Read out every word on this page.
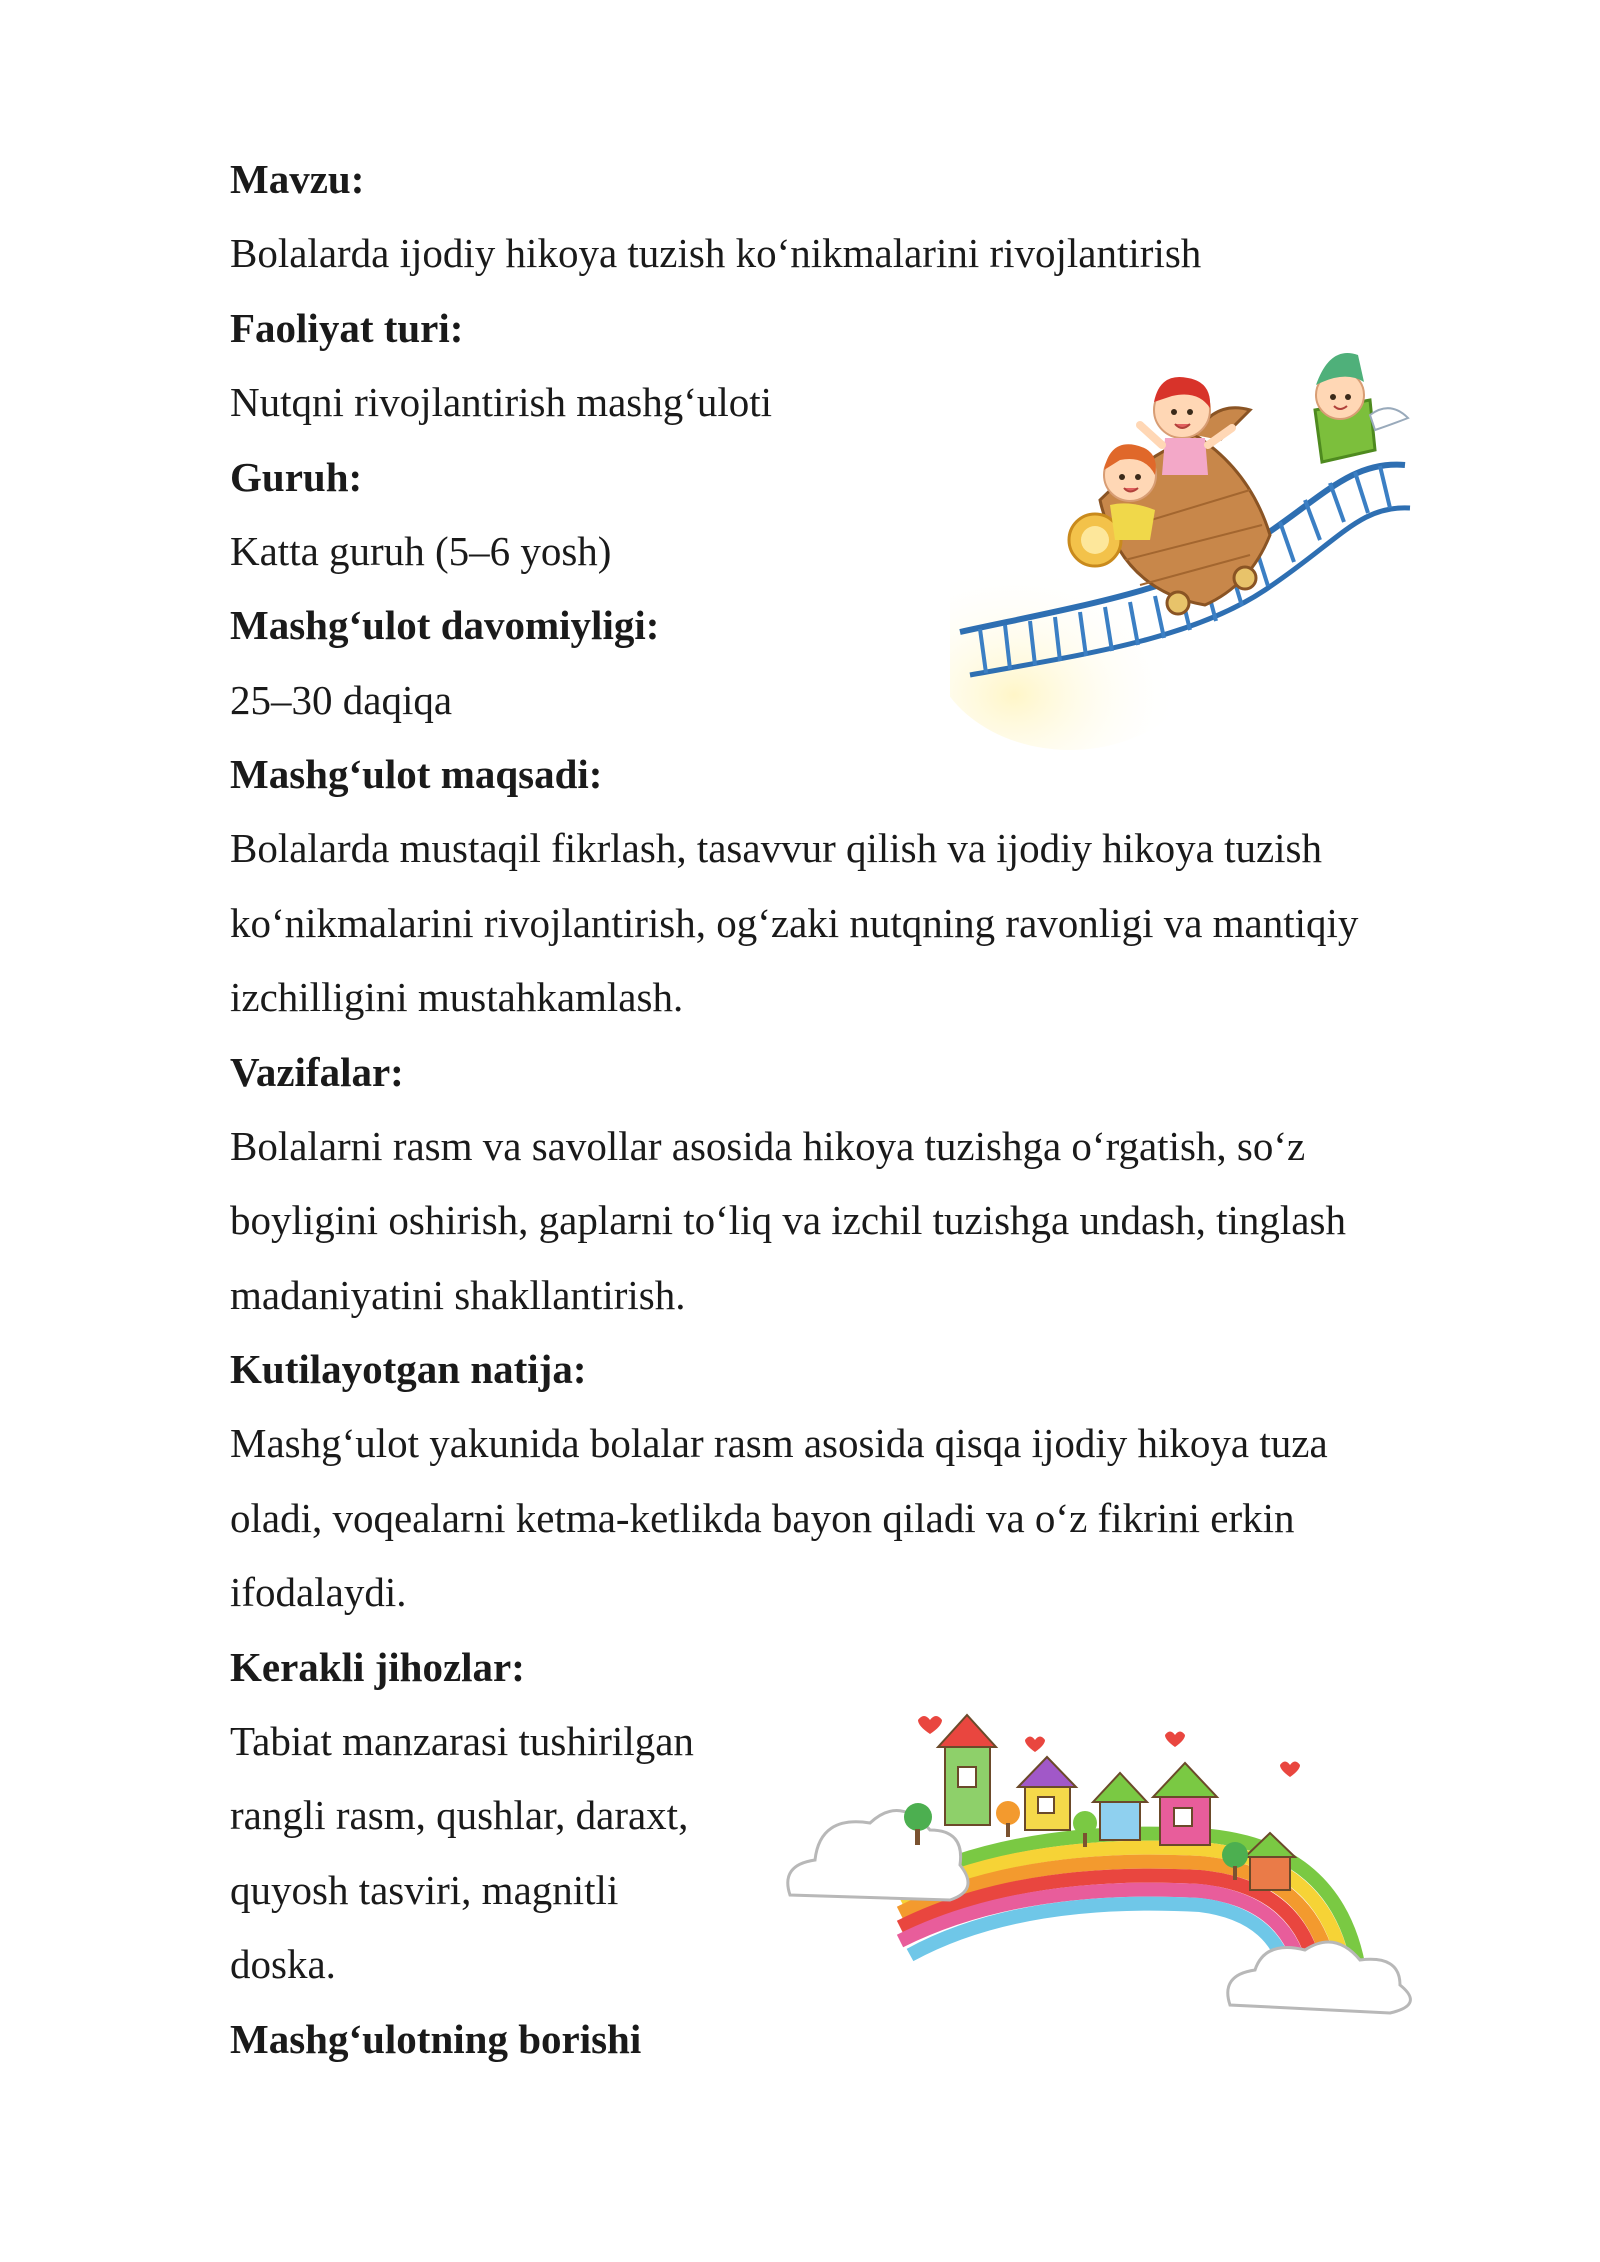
Mavzu:
Bolalarda ijodiy hikoya tuzish ko‘nikmalarini rivojlantirish
Faoliyat turi:
Nutqni rivojlantirish mashg‘uloti
Guruh:
Katta guruh (5–6 yosh)
Mashg‘ulot davomiyligi:
25–30 daqiqa
Mashg‘ulot maqsadi:
Bolalarda mustaqil fikrlash, tasavvur qilish va ijodiy hikoya tuzish
ko‘nikmalarini rivojlantirish, og‘zaki nutqning ravonligi va mantiqiy
izchilligini mustahkamlash.
Vazifalar:
Bolalarni rasm va savollar asosida hikoya tuzishga o‘rgatish, so‘z
boyligini oshirish, gaplarni to‘liq va izchil tuzishga undash, tinglash
madaniyatini shakllantirish.
Kutilayotgan natija:
Mashg‘ulot yakunida bolalar rasm asosida qisqa ijodiy hikoya tuza
oladi, voqealarni ketma-ketlikda bayon qiladi va o‘z fikrini erkin
ifodalaydi.
Kerakli jihozlar:
Tabiat manzarasi tushirilgan
rangli rasm, qushlar, daraxt,
quyosh tasviri, magnitli
doska.
Mashg‘ulotning borishi
